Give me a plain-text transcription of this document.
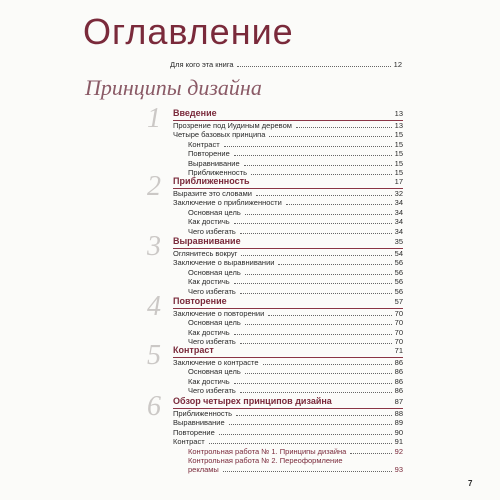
Оглавление
Для кого эта книга	12
Принципы дизайна
1 Введение	13
Прозрение под Иудиным деревом	13
Четыре базовых принципа	15
Контраст	15
Повторение	15
Выравнивание	15
Приближенность	15
2 Приближенность	17
Выразите это словами	32
Заключение о приближенности	34
Основная цель	34
Как достичь	34
Чего избегать	34
3 Выравнивание	35
Оглянитесь вокруг	54
Заключение о выравнивании	56
Основная цель	56
Как достичь	56
Чего избегать	56
4 Повторение	57
Заключение о повторении	70
Основная цель	70
Как достичь	70
Чего избегать	70
5 Контраст	71
Заключение о контрасте	86
Основная цель	86
Как достичь	86
Чего избегать	86
6 Обзор четырех принципов дизайна	87
Приближенность	88
Выравнивание	89
Повторение	90
Контраст	91
Контрольная работа № 1. Принципы дизайна	92
Контрольная работа № 2. Переоформление
рекламы	93
7
